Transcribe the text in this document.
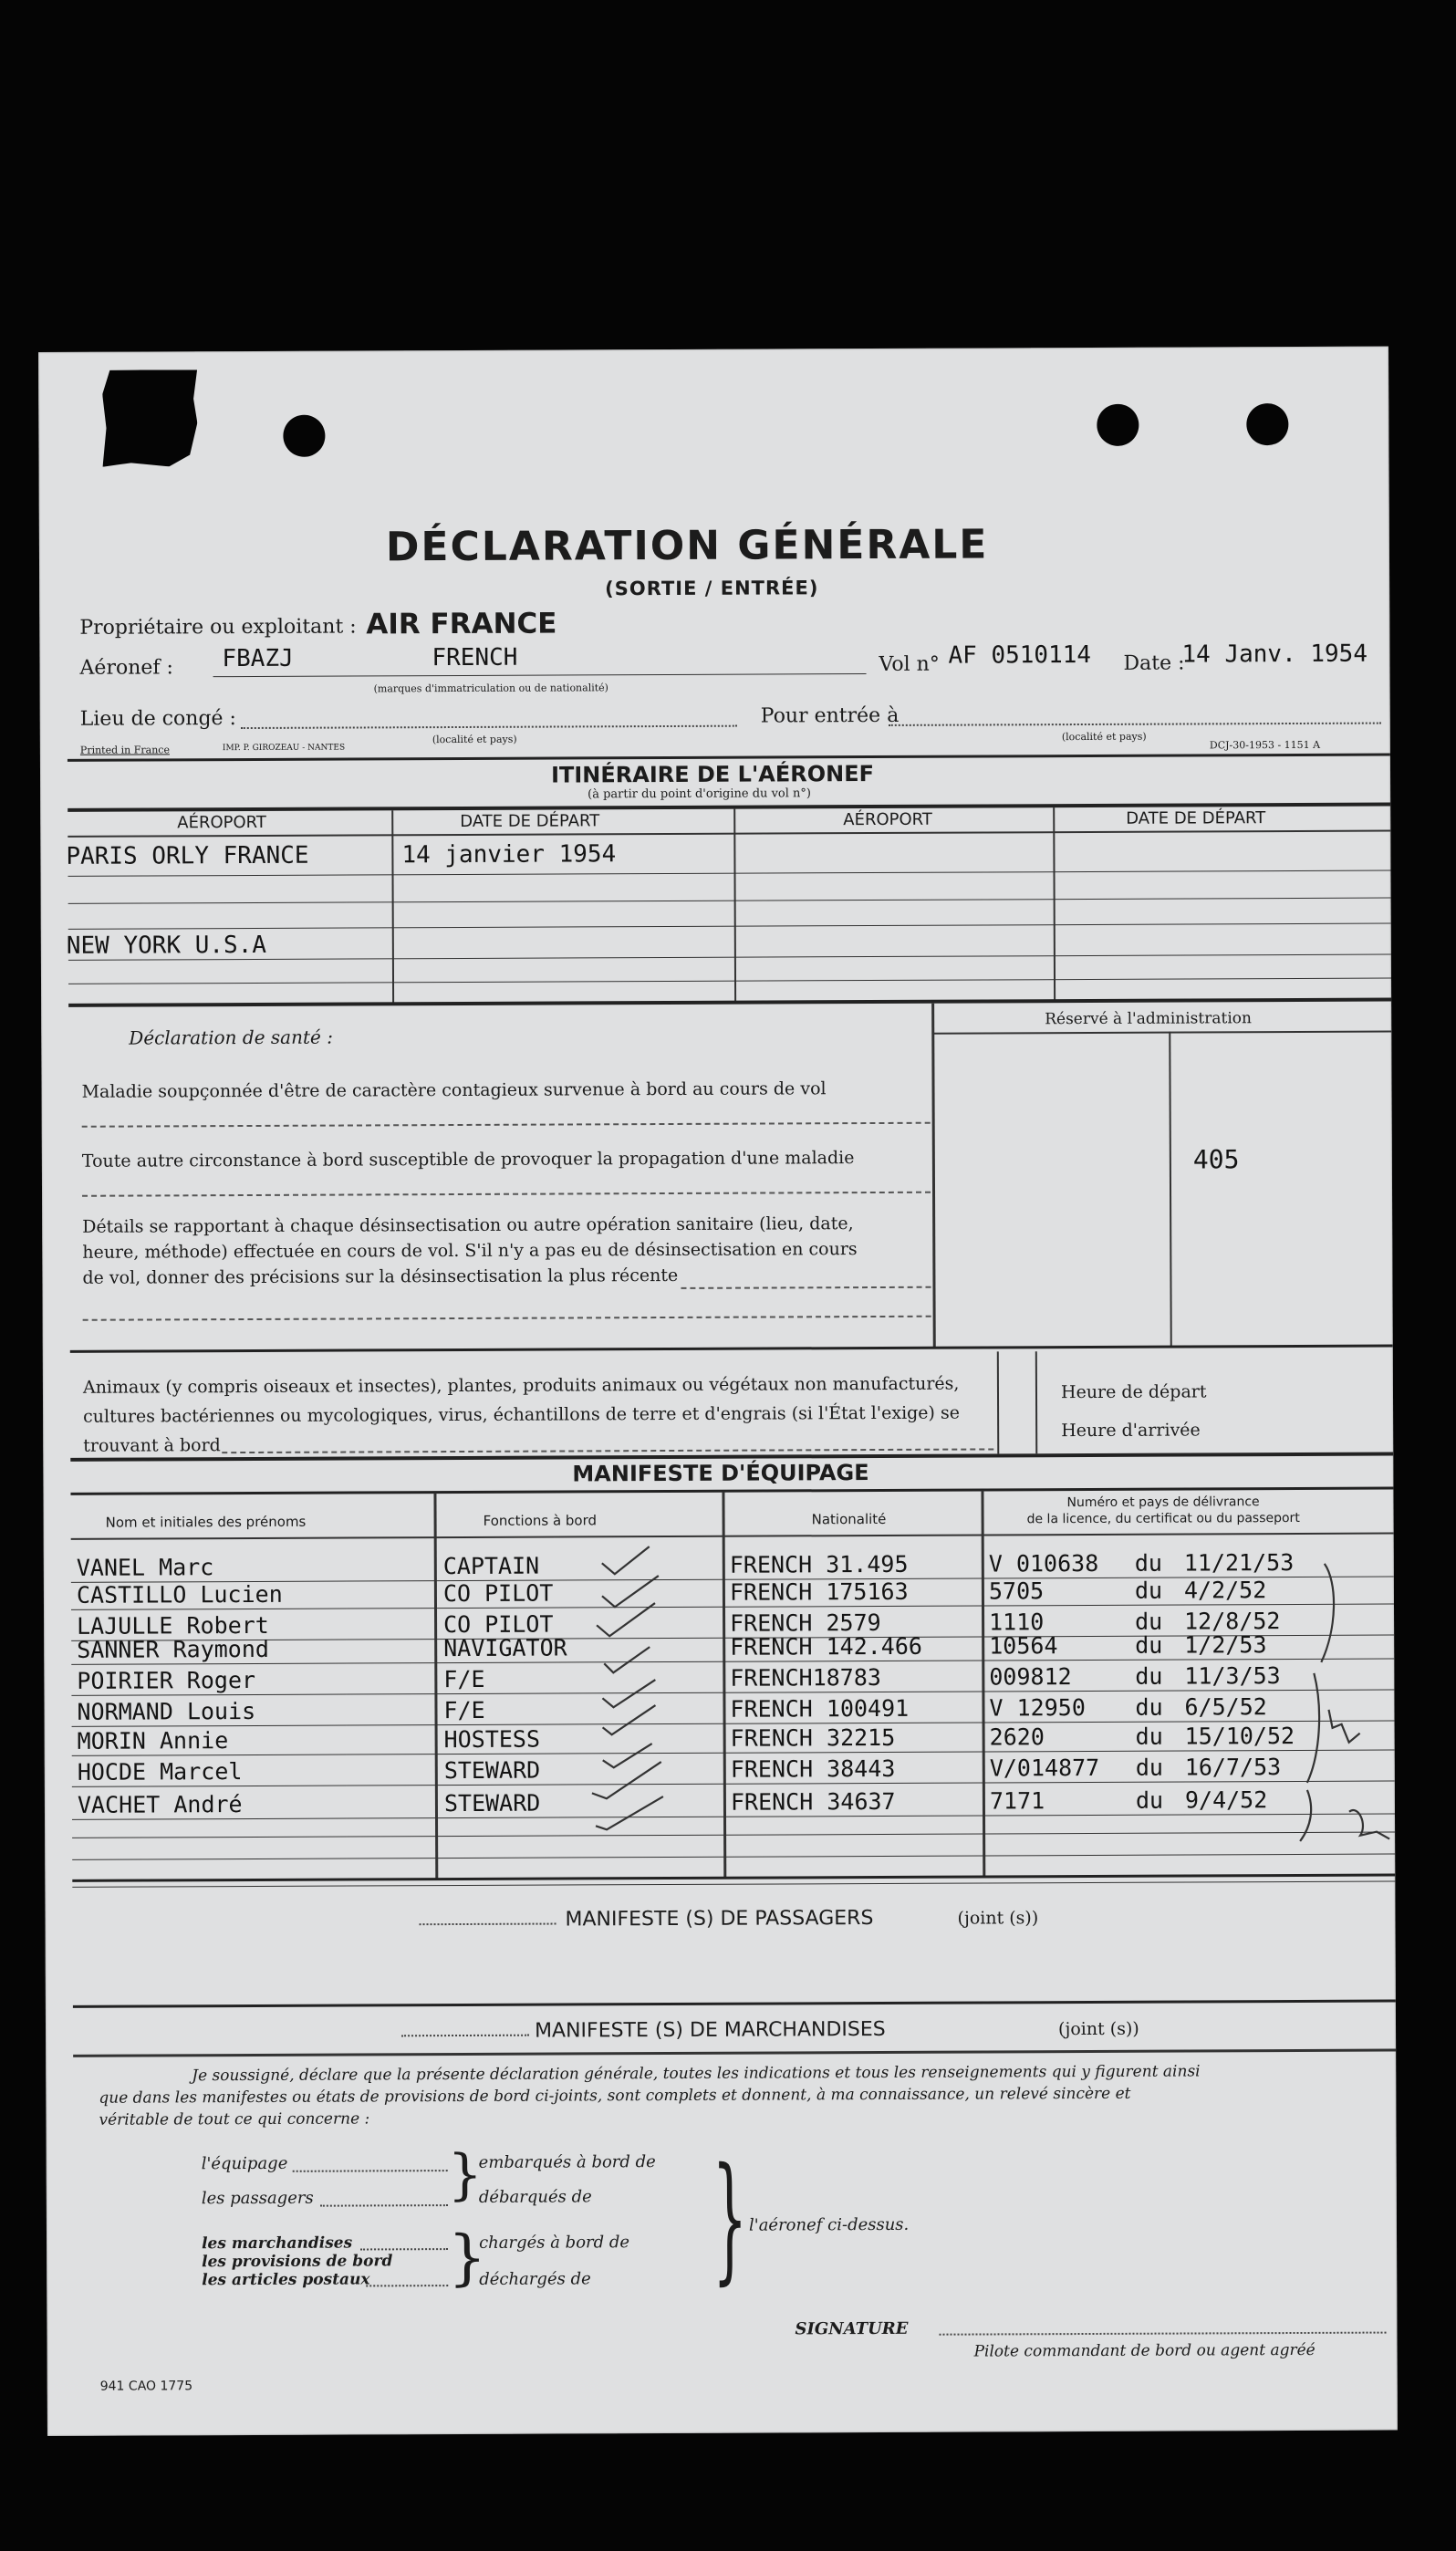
DÉCLARATION GÉNÉRALE
(SORTIE / ENTRÉE)
Propriétaire ou exploitant : AIR FRANCE
Aéronef : FBAZJ	FRENCH
(marques d'immatriculation ou de nationalité)
Vol n° AF 0510114 Date :
14 Janv. 1954
Lieu de congé :
(localité et pays)
Pour entrée à
(localité et pays)
Printed in France	IMP. P. GIROZEAU - NANTES	DCJ-30-1953 - 1151 A
ITINÉRAIRE DE L'AÉRONEF
(à partir du point d'origine du vol n°)
AÉROPORT	DATE DE DÉPART	AÉROPORT	DATE DE DÉPART
PARIS ORLY FRANCE	14 janvier 1954
NEW YORK U.S.A
Déclaration de santé :
Maladie soupçonnée d'être de caractère contagieux survenue à bord au cours de vol
Toute autre circonstance à bord susceptible de provoquer la propagation d'une maladie
Détails se rapportant à chaque désinsectisation ou autre opération sanitaire (lieu, date,
heure, méthode) effectuée en cours de vol. S'il n'y a pas eu de désinsectisation en cours
de vol, donner des précisions sur la désinsectisation la plus récente
Réservé à l'administration
405
Animaux (y compris oiseaux et insectes), plantes, produits animaux ou végétaux non manufacturés,
cultures bactériennes ou mycologiques, virus, échantillons de terre et d'engrais (si l'État l'exige) se
trouvant à bord
Heure de départ
Heure d'arrivée
MANIFESTE D'ÉQUIPAGE
Nom et initiales des prénoms	Fonctions à bord	Nationalité
Numéro et pays de délivrance
de la licence, du certificat ou du passeport
VANEL Marc	CAPTAIN	FRENCH 31.495	V 010638 du 11/21/53
CASTILLO Lucien	CO PILOT	FRENCH 175163	5705	du 4/2/52
LAJULLE Robert	CO PILOT	FRENCH 2579	1110	du 12/8/52
SANNER Raymond	NAVIGATOR	FRENCH 142.466	10564	du 1/2/53
POIRIER Roger	F/E	FRENCH18783	009812	du 11/3/53
NORMAND Louis	F/E	FRENCH 100491	V 12950 du 6/5/52
MORIN Annie	HOSTESS	FRENCH 32215	2620	du 15/10/52
HOCDE Marcel	STEWARD	FRENCH 38443	V/014877 du 16/7/53
VACHET André	STEWARD	FRENCH 34637	7171	du 9/4/52
MANIFESTE (S) DE PASSAGERS	(joint (s))
MANIFESTE (S) DE MARCHANDISES	(joint (s))
Je soussigné, déclare que la présente déclaration générale, toutes les indications et tous les renseignements qui y figurent ainsi
que dans les manifestes ou états de provisions de bord ci-joints, sont complets et donnent, à ma connaissance, un relevé sincère et
véritable de tout ce qui concerne :
l'équipage
les passagers }
embarqués à bord de
débarqués de
les marchandises
les provisions de bord
les articles postaux }
chargés à bord de
déchargés de } l'aéronef ci-dessus.
SIGNATURE
Pilote commandant de bord ou agent agréé
941 CAO 1775
